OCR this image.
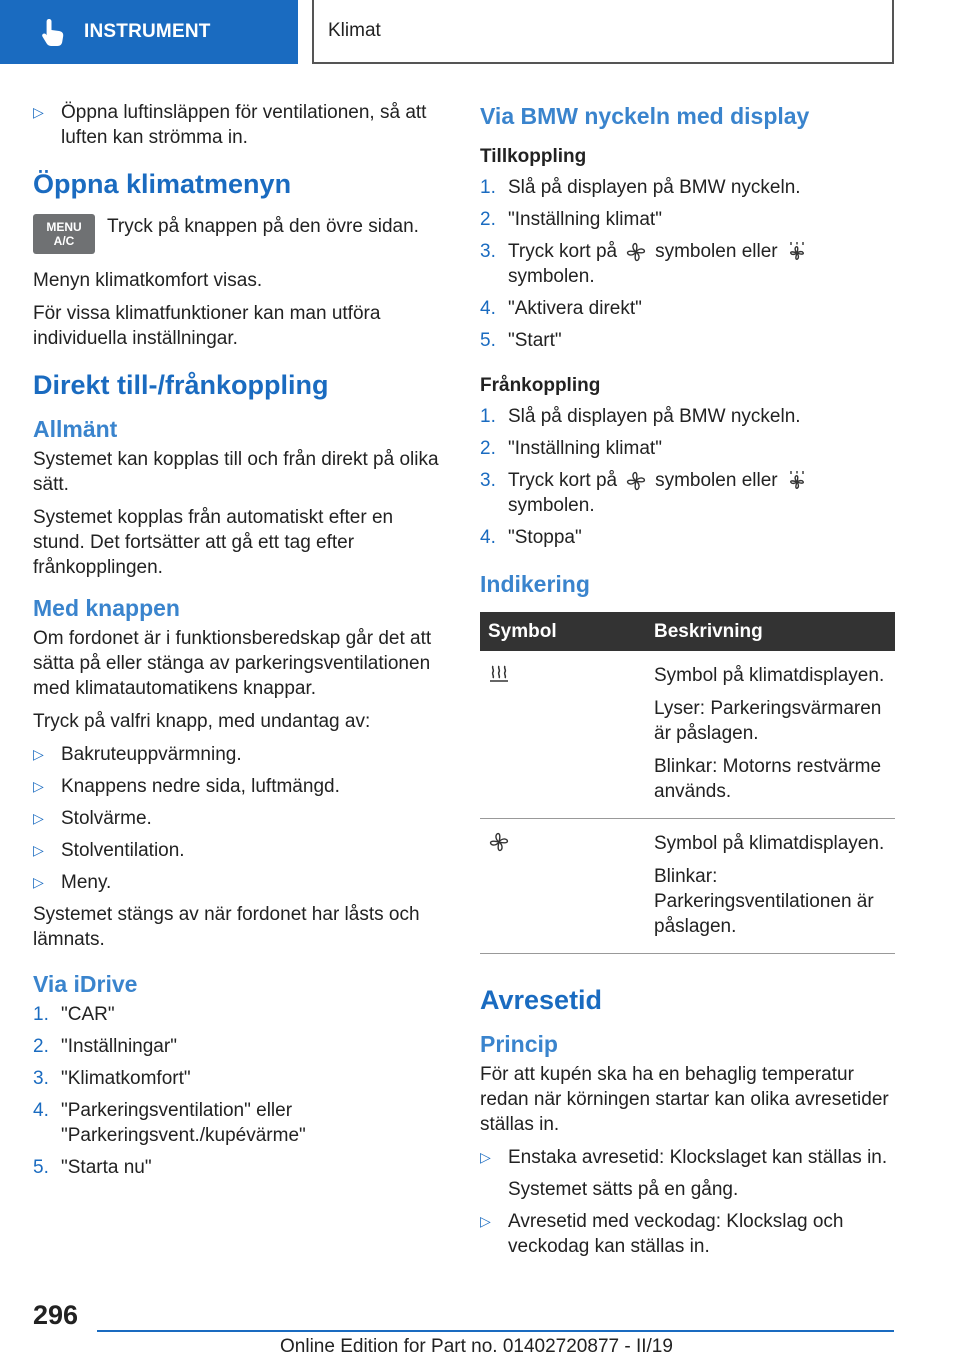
INSTRUMENT	Klimat
▷ Öppna luftinsläppen för ventilationen, så att luften kan strömma in.
Öppna klimatmenyn
MENU
A/C
Tryck på knappen på den övre sidan.

Menyn klimatkomfort visas.

För vissa klimatfunktioner kan man utföra individuella inställningar.

Direkt till-/frånkoppling
Allmänt

Systemet kan kopplas till och från direkt på olika sätt.

Systemet kopplas från automatiskt efter en stund. Det fortsätter att gå ett tag efter frånkopplingen.

Med knappen

Om fordonet är i funktionsberedskap går det att sätta på eller stänga av parkeringsventilationen med klimatautomatikens knappar.

Tryck på valfri knapp, med undantag av:

▷ Bakruteuppvärmning.
▷ Knappens nedre sida, luftmängd.
▷ Stolvärme.
▷ Stolventilation.
▷ Meny.

Systemet stängs av när fordonet har låsts och lämnats.

Via iDrive
1. "CAR"
2. "Inställningar"
3. "Klimatkomfort"
4. "Parkeringsventilation" eller "Parkeringsvent./kupévärme"
5. "Starta nu"
Via BMW nyckeln med display
Tillkoppling
1. Slå på displayen på BMW nyckeln.
2. "Inställning klimat"
3. Tryck kort på symbolen ellersymbolen.
4. "Aktivera direkt"
5. "Start"
Frånkoppling
1. Slå på displayen på BMW nyckeln.
2. "Inställning klimat"
3. Tryck kort på symbolen ellersymbolen.
4. "Stoppa"
Indikering
Symbol	Beskrivning

Symbol på klimatdisplayen.

Lyser: Parkeringsvärmaren är påslagen.

Blinkar: Motorns restvärme används.

Symbol på klimatdisplayen.

Blinkar: Parkeringsventilationen är påslagen.

Avresetid
Princip

För att kupén ska ha en behaglig temperatur redan när körningen startar kan olika avresetider ställas in.

▷ Enstaka avresetid: Klockslaget kan ställas in.
Systemet sätts på en gång.
▷ Avresetid med veckodag: Klockslag och veckodag kan ställas in.
296
Online Edition for Part no. 01402720877 - II/19
